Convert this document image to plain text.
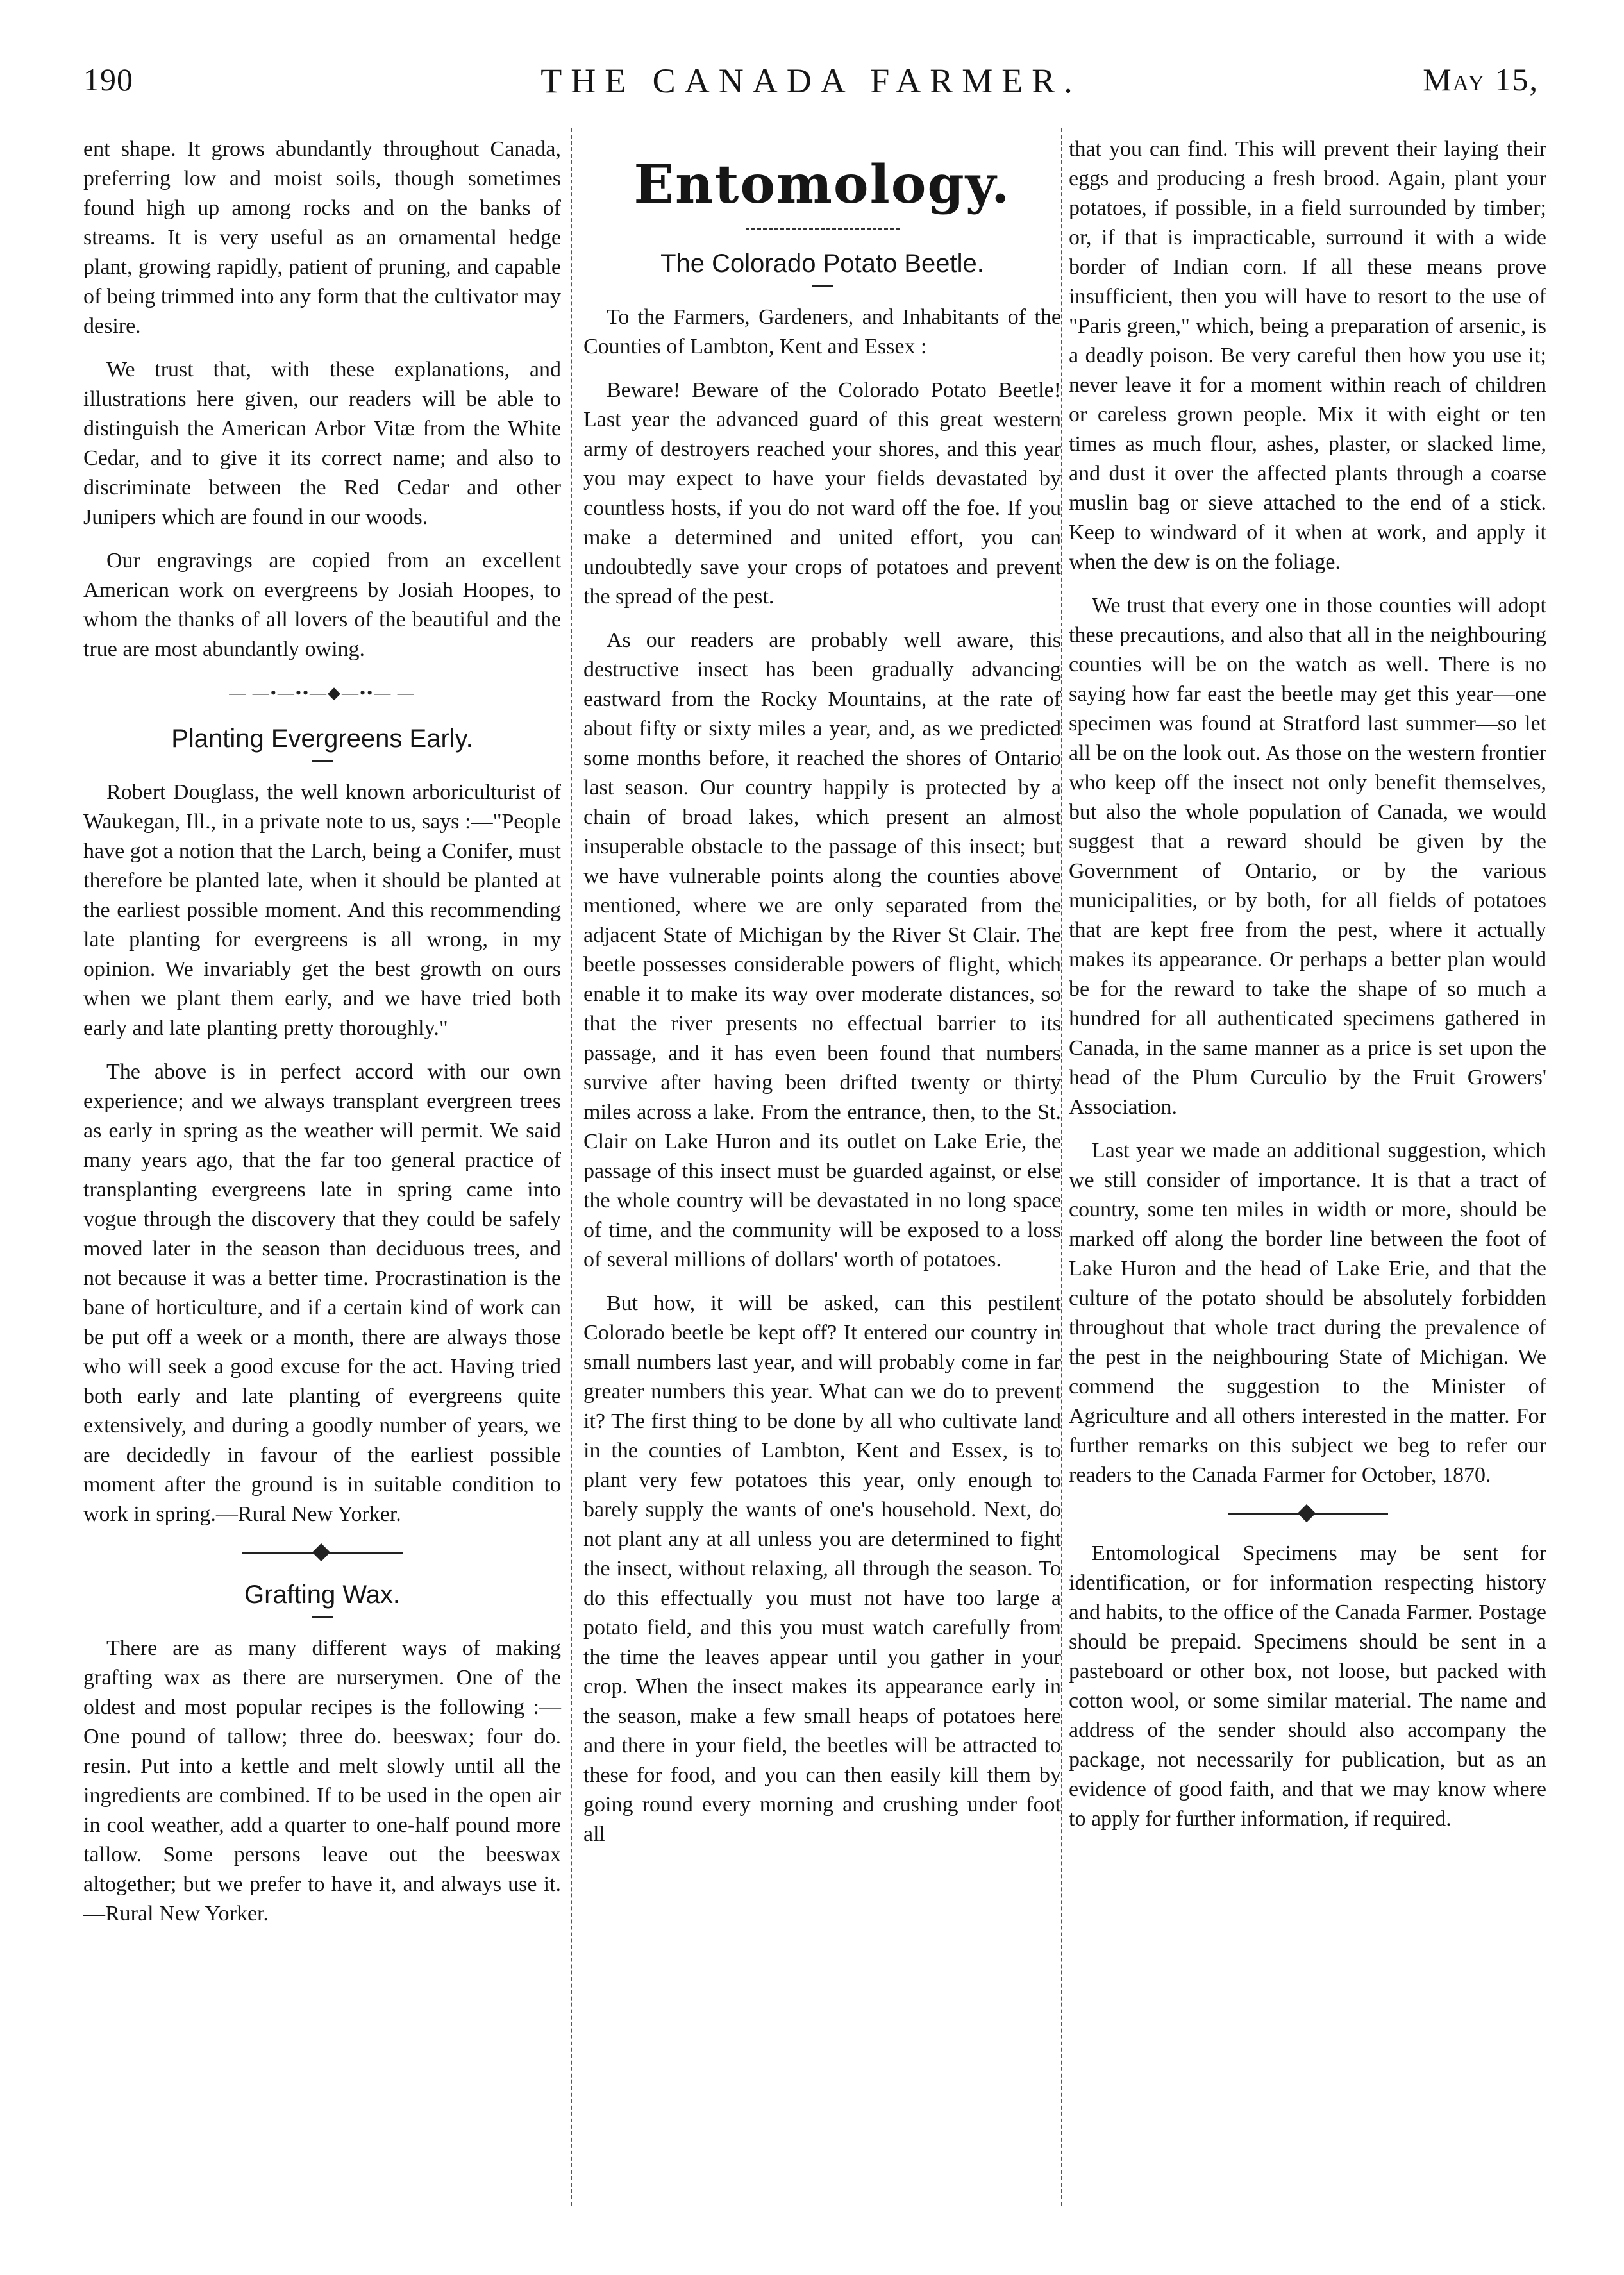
190	THE CANADA FARMER.	May 15,

ent shape. It grows abundantly throughout Canada, preferring low and moist soils, though sometimes found high up among rocks and on the banks of streams. It is very useful as an ornamental hedge plant, growing rapidly, patient of pruning, and capable of being trimmed into any form that the cultivator may desire.

We trust that, with these explanations, and illustrations here given, our readers will be able to distinguish the American Arbor Vitæ from the White Cedar, and to give it its correct name; and also to discriminate between the Red Cedar and other Junipers which are found in our woods.

Our engravings are copied from an excellent American work on evergreens by Josiah Hoopes, to whom the thanks of all lovers of the beautiful and the true are most abundantly owing.

— —•—••—◆—••— —
Planting Evergreens Early.

Robert Douglass, the well known arboriculturist of Waukegan, Ill., in a private note to us, says :—"People have got a notion that the Larch, being a Conifer, must therefore be planted late, when it should be planted at the earliest possible moment. And this recommending late planting for evergreens is all wrong, in my opinion. We invariably get the best growth on ours when we plant them early, and we have tried both early and late planting pretty thoroughly."

The above is in perfect accord with our own experience; and we always transplant evergreen trees as early in spring as the weather will permit. We said many years ago, that the far too general practice of transplanting evergreens late in spring came into vogue through the discovery that they could be safely moved later in the season than deciduous trees, and not because it was a better time. Procrastination is the bane of horticulture, and if a certain kind of work can be put off a week or a month, there are always those who will seek a good excuse for the act. Having tried both early and late planting of evergreens quite extensively, and during a goodly number of years, we are decidedly in favour of the earliest possible moment after the ground is in suitable condition to work in spring.—Rural New Yorker.

Grafting Wax.

There are as many different ways of making grafting wax as there are nurserymen. One of the oldest and most popular recipes is the following :—One pound of tallow; three do. beeswax; four do. resin. Put into a kettle and melt slowly until all the ingredients are combined. If to be used in the open air in cool weather, add a quarter to one-half pound more tallow. Some persons leave out the beeswax altogether; but we prefer to have it, and always use it.—Rural New Yorker.

Entomology.
The Colorado Potato Beetle.

To the Farmers, Gardeners, and Inhabitants of the Counties of Lambton, Kent and Essex :

Beware! Beware of the Colorado Potato Beetle! Last year the advanced guard of this great western army of destroyers reached your shores, and this year you may expect to have your fields devastated by countless hosts, if you do not ward off the foe. If you make a determined and united effort, you can undoubtedly save your crops of potatoes and prevent the spread of the pest.

As our readers are probably well aware, this destructive insect has been gradually advancing eastward from the Rocky Mountains, at the rate of about fifty or sixty miles a year, and, as we predicted some months before, it reached the shores of Ontario last season. Our country happily is protected by a chain of broad lakes, which present an almost insuperable obstacle to the passage of this insect; but we have vulnerable points along the counties above mentioned, where we are only separated from the adjacent State of Michigan by the River St Clair. The beetle possesses considerable powers of flight, which enable it to make its way over moderate distances, so that the river presents no effectual barrier to its passage, and it has even been found that numbers survive after having been drifted twenty or thirty miles across a lake. From the entrance, then, to the St. Clair on Lake Huron and its outlet on Lake Erie, the passage of this insect must be guarded against, or else the whole country will be devastated in no long space of time, and the community will be exposed to a loss of several millions of dollars' worth of potatoes.

But how, it will be asked, can this pestilent Colorado beetle be kept off? It entered our country in small numbers last year, and will probably come in far greater numbers this year. What can we do to prevent it? The first thing to be done by all who cultivate land in the counties of Lambton, Kent and Essex, is to plant very few potatoes this year, only enough to barely supply the wants of one's household. Next, do not plant any at all unless you are determined to fight the insect, without relaxing, all through the season. To do this effectually you must not have too large a potato field, and this you must watch carefully from the time the leaves appear until you gather in your crop. When the insect makes its appearance early in the season, make a few small heaps of potatoes here and there in your field, the beetles will be attracted to these for food, and you can then easily kill them by going round every morning and crushing under foot all

that you can find. This will prevent their laying their eggs and producing a fresh brood. Again, plant your potatoes, if possible, in a field surrounded by timber; or, if that is impracticable, surround it with a wide border of Indian corn. If all these means prove insufficient, then you will have to resort to the use of "Paris green," which, being a preparation of arsenic, is a deadly poison. Be very careful then how you use it; never leave it for a moment within reach of children or careless grown people. Mix it with eight or ten times as much flour, ashes, plaster, or slacked lime, and dust it over the affected plants through a coarse muslin bag or sieve attached to the end of a stick. Keep to windward of it when at work, and apply it when the dew is on the foliage.

We trust that every one in those counties will adopt these precautions, and also that all in the neighbouring counties will be on the watch as well. There is no saying how far east the beetle may get this year—one specimen was found at Stratford last summer—so let all be on the look out. As those on the western frontier who keep off the insect not only benefit themselves, but also the whole population of Canada, we would suggest that a reward should be given by the Government of Ontario, or by the various municipalities, or by both, for all fields of potatoes that are kept free from the pest, where it actually makes its appearance. Or perhaps a better plan would be for the reward to take the shape of so much a hundred for all authenticated specimens gathered in Canada, in the same manner as a price is set upon the head of the Plum Curculio by the Fruit Growers' Association.

Last year we made an additional suggestion, which we still consider of importance. It is that a tract of country, some ten miles in width or more, should be marked off along the border line between the foot of Lake Huron and the head of Lake Erie, and that the culture of the potato should be absolutely forbidden throughout that whole tract during the prevalence of the pest in the neighbouring State of Michigan. We commend the suggestion to the Minister of Agriculture and all others interested in the matter. For further remarks on this subject we beg to refer our readers to the Canada Farmer for October, 1870.

Entomological Specimens may be sent for identification, or for information respecting history and habits, to the office of the Canada Farmer. Postage should be prepaid. Specimens should be sent in a pasteboard or other box, not loose, but packed with cotton wool, or some similar material. The name and address of the sender should also accompany the package, not necessarily for publication, but as an evidence of good faith, and that we may know where to apply for further information, if required.
